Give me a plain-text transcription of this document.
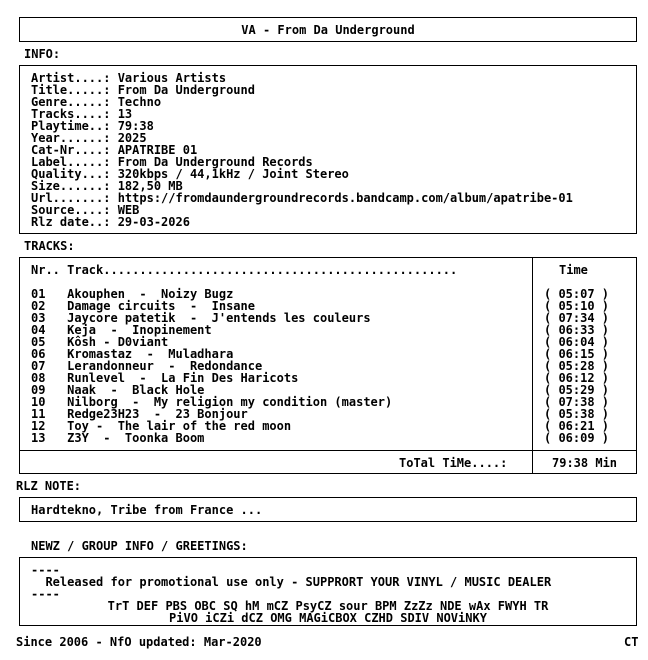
VA - From Da Underground
INFO:
Artist....: Various Artists
Title.....: From Da Underground
Genre.....: Techno
Tracks....: 13
Playtime..: 79:38
Year......: 2025
Cat-Nr....: APATRIBE 01
Label.....: From Da Underground Records
Quality...: 320kbps / 44,1kHz / Joint Stereo
Size......: 182,50 MB
Url.......: https://fromdaundergroundrecords.bandcamp.com/album/apatribe-01
Source....: WEB
Rlz date..: 29-03-2026
TRACKS:
Nr.. Track.................................................
01   Akouphen  -  Noizy Bugz
02   Damage circuits  -  Insane
03   Jaycore patetik  -  J'entends les couleurs
04   Keja  -  Inopinement
05   Kôsh - D0viant
06   Kromastaz  -  Muladhara
07   Lerandonneur  -  Redondance
08   Runlevel  -  La Fin Des Haricots
09   Naak  -  Black Hole
10   Nilborg  -  My religion my condition (master)
11   Redge23H23  -  23 Bonjour
12   Toy -  The lair of the red moon
13   Z3Y  -  Toonka Boom
Time
( 05:07 )
( 05:10 )
( 07:34 )
( 06:33 )
( 06:04 )
( 06:15 )
( 05:28 )
( 06:12 )
( 05:29 )
( 07:38 )
( 05:38 )
( 06:21 )
( 06:09 )
ToTal TiMe....:	79:38 Min
RLZ NOTE:
Hardtekno, Tribe from France ...
NEWZ / GROUP INFO / GREETINGS:
----
Released for promotional use only - SUPPRORT YOUR VINYL / MUSIC DEALER
----
TrT DEF PBS OBC SQ hM mCZ PsyCZ sour BPM ZzZz NDE wAx FWYH TR
PiVO iCZi dCZ OMG MAGiCBOX CZHD SDIV NOViNKY
Since 2006 - NfO updated: Mar-2020	CT
